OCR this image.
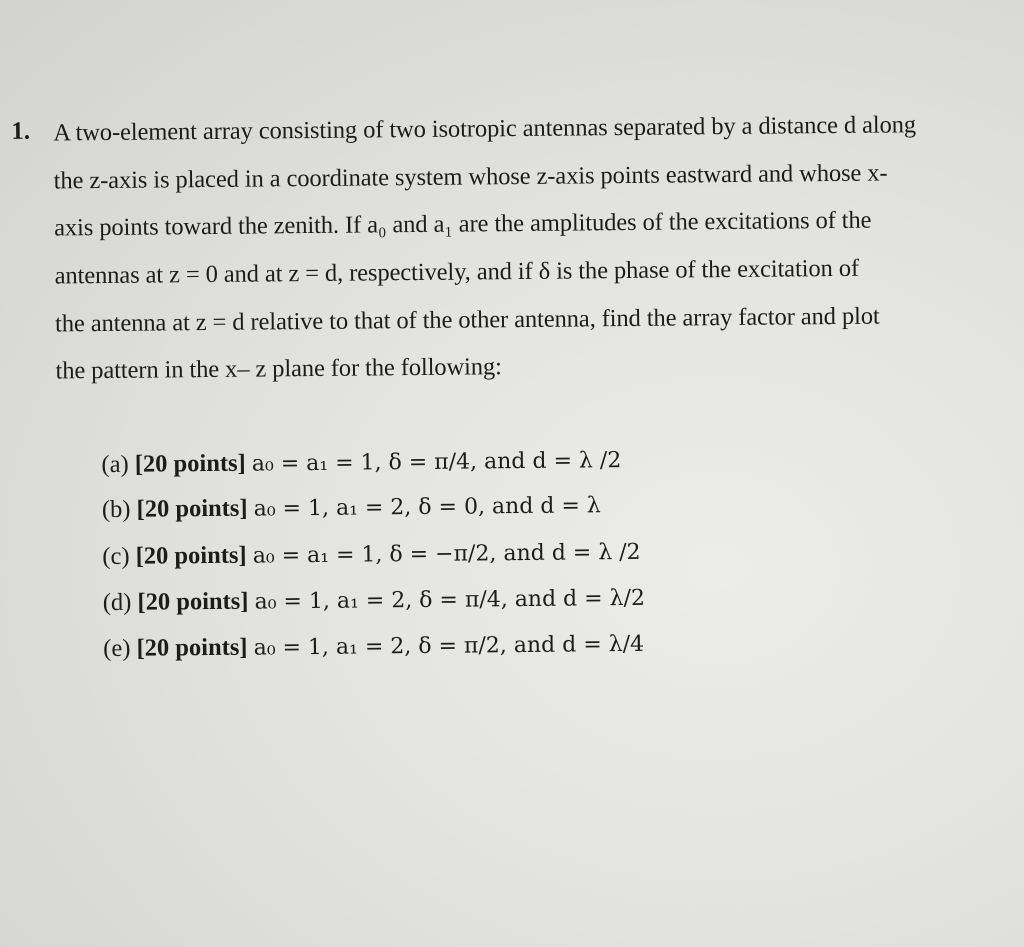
1. A two-element array consisting of two isotropic antennas separated by a distance d along
the z-axis is placed in a coordinate system whose z-axis points eastward and whose x-
axis points toward the zenith. If a₀ and a₁ are the amplitudes of the excitations of the
antennas at z = 0 and at z = d, respectively, and if δ is the phase of the excitation of
the antenna at z = d relative to that of the other antenna, find the array factor and plot
the pattern in the x– z plane for the following:
(a) [20 points] a₀ = a₁ = 1, δ = π/4, and d = λ /2
(b) [20 points] a₀ = 1, a₁ = 2, δ = 0, and d = λ
(c) [20 points] a₀ = a₁ = 1, δ = −π/2, and d = λ /2
(d) [20 points] a₀ = 1, a₁ = 2, δ = π/4, and d = λ/2
(e) [20 points] a₀ = 1, a₁ = 2, δ = π/2, and d = λ/4
